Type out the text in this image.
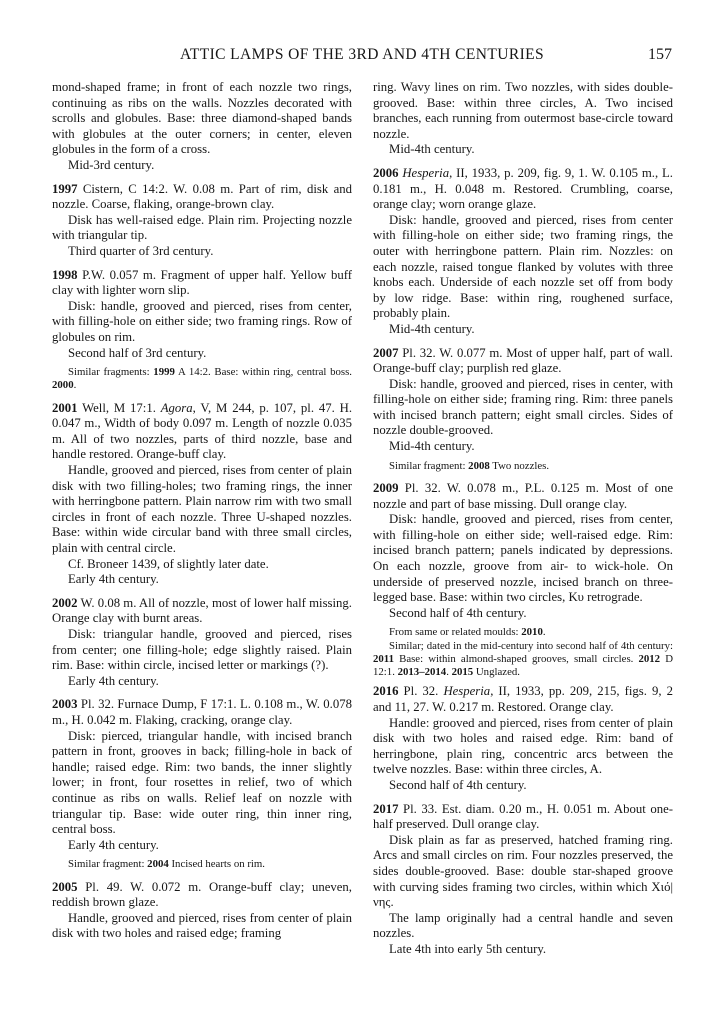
ATTIC LAMPS OF THE 3RD AND 4TH CENTURIES	157

mond-shaped frame; in front of each nozzle two rings, continuing as ribs on the walls. Nozzles decorated with scrolls and globules. Base: three diamond-shaped bands with globules at the outer corners; in center, eleven globules in the form of a cross.

Mid-3rd century.

1997 Cistern, C 14:2. W. 0.08 m. Part of rim, disk and nozzle. Coarse, flaking, orange-brown clay.

Disk has well-raised edge. Plain rim. Projecting nozzle with triangular tip.

Third quarter of 3rd century.

1998 P.W. 0.057 m. Fragment of upper half. Yellow buff clay with lighter worn slip.

Disk: handle, grooved and pierced, rises from center, with filling-hole on either side; two framing rings. Row of globules on rim.

Second half of 3rd century.

Similar fragments: 1999 A 14:2. Base: within ring, central boss. 2000.

2001 Well, M 17:1. Agora, V, M 244, p. 107, pl. 47. H. 0.047 m., Width of body 0.097 m. Length of nozzle 0.035 m. All of two nozzles, parts of third nozzle, base and handle restored. Orange-buff clay.

Handle, grooved and pierced, rises from center of plain disk with two filling-holes; two framing rings, the inner with herringbone pattern. Plain narrow rim with two small circles in front of each nozzle. Three U-shaped nozzles. Base: within wide circular band with three small circles, plain with central circle.

Cf. Broneer 1439, of slightly later date.

Early 4th century.

2002 W. 0.08 m. All of nozzle, most of lower half missing. Orange clay with burnt areas.

Disk: triangular handle, grooved and pierced, rises from center; one filling-hole; edge slightly raised. Plain rim. Base: within circle, incised letter or markings (?).

Early 4th century.

2003 Pl. 32. Furnace Dump, F 17:1. L. 0.108 m., W. 0.078 m., H. 0.042 m. Flaking, cracking, orange clay.

Disk: pierced, triangular handle, with incised branch pattern in front, grooves in back; filling-hole in back of handle; raised edge. Rim: two bands, the inner slightly lower; in front, four rosettes in relief, two of which continue as ribs on walls. Relief leaf on nozzle with triangular tip. Base: wide outer ring, thin inner ring, central boss.

Early 4th century.

Similar fragment: 2004 Incised hearts on rim.

2005 Pl. 49. W. 0.072 m. Orange-buff clay; uneven, reddish brown glaze.

Handle, grooved and pierced, rises from center of plain disk with two holes and raised edge; framing

ring. Wavy lines on rim. Two nozzles, with sides double-grooved. Base: within three circles, A. Two incised branches, each running from outermost base-circle toward nozzle.

Mid-4th century.

2006 Hesperia, II, 1933, p. 209, fig. 9, 1. W. 0.105 m., L. 0.181 m., H. 0.048 m. Restored. Crumbling, coarse, orange clay; worn orange glaze.

Disk: handle, grooved and pierced, rises from center with filling-hole on either side; two framing rings, the outer with herringbone pattern. Plain rim. Nozzles: on each nozzle, raised tongue flanked by volutes with three knobs each. Underside of each nozzle set off from body by low ridge. Base: within ring, roughened surface, probably plain.

Mid-4th century.

2007 Pl. 32. W. 0.077 m. Most of upper half, part of wall. Orange-buff clay; purplish red glaze.

Disk: handle, grooved and pierced, rises in center, with filling-hole on either side; framing ring. Rim: three panels with incised branch pattern; eight small circles. Sides of nozzle double-grooved.

Mid-4th century.

Similar fragment: 2008 Two nozzles.

2009 Pl. 32. W. 0.078 m., P.L. 0.125 m. Most of one nozzle and part of base missing. Dull orange clay.

Disk: handle, grooved and pierced, rises from center, with filling-hole on either side; well-raised edge. Rim: incised branch pattern; panels indicated by depressions. On each nozzle, groove from air- to wick-hole. On underside of preserved nozzle, incised branch on three-legged base. Base: within two circles, Κυ retrograde.

Second half of 4th century.

From same or related moulds: 2010.

Similar; dated in the mid-century into second half of 4th century: 2011 Base: within almond-shaped grooves, small circles. 2012 D 12:1. 2013–2014. 2015 Unglazed.

2016 Pl. 32. Hesperia, II, 1933, pp. 209, 215, figs. 9, 2 and 11, 27. W. 0.217 m. Restored. Orange clay.

Handle: grooved and pierced, rises from center of plain disk with two holes and raised edge. Rim: band of herringbone, plain ring, concentric arcs between the twelve nozzles. Base: within three circles, A.

Second half of 4th century.

2017 Pl. 33. Est. diam. 0.20 m., H. 0.051 m. About one-half preserved. Dull orange clay.

Disk plain as far as preserved, hatched framing ring. Arcs and small circles on rim. Four nozzles preserved, the sides double-grooved. Base: double star-shaped groove with curving sides framing two circles, within which Χιό|νης.

The lamp originally had a central handle and seven nozzles.

Late 4th into early 5th century.
